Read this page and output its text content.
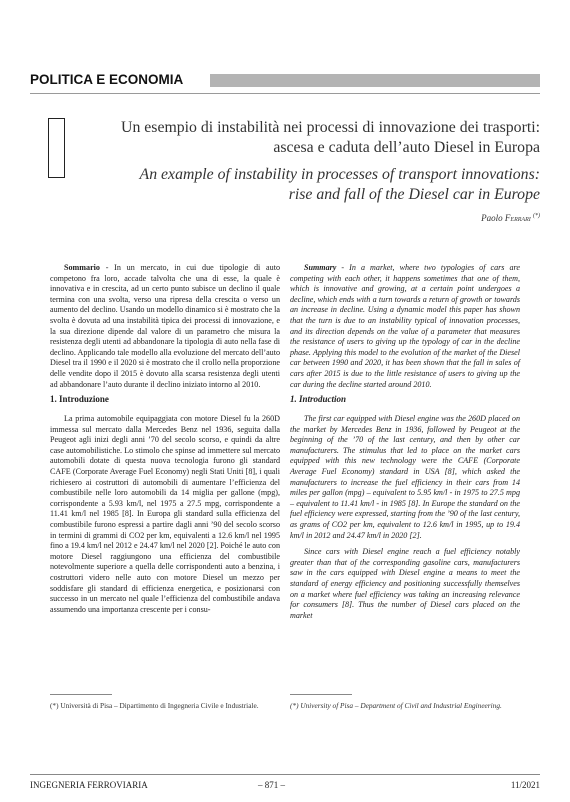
POLITICA E ECONOMIA
Un esempio di instabilità nei processi di innovazione dei trasporti: ascesa e caduta dell’auto Diesel in Europa
An example of instability in processes of transport innovations: rise and fall of the Diesel car in Europe
Paolo Ferrari (*)

Sommario - In un mercato, in cui due tipologie di auto competono fra loro, accade talvolta che una di esse, la quale è innovativa e in crescita, ad un certo punto subisce un declino il quale termina con una svolta, verso una ripresa della crescita o verso un aumento del declino. Usando un modello dinamico si è mostrato che la svolta è dovuta ad una instabilità tipica dei processi di innovazione, e la sua direzione dipende dal valore di un parametro che misura la resistenza degli utenti ad abbandonare la tipologia di auto nella fase di declino. Applicando tale modello alla evoluzione del mercato dell’auto Diesel tra il 1990 e il 2020 si è mostrato che il crollo nella proporzione delle vendite dopo il 2015 è dovuto alla scarsa resistenza degli utenti ad abbandonare l’auto durante il declino iniziato intorno al 2010.

Summary - In a market, where two typologies of cars are competing with each other, it happens sometimes that one of them, which is innovative and growing, at a certain point undergoes a decline, which ends with a turn towards a return of growth or towards an increase in decline. Using a dynamic model this paper has shown that the turn is due to an instability typical of innovation processes, and its direction depends on the value of a parameter that measures the resistance of users to giving up the typology of car in the decline phase. Applying this model to the evolution of the market of the Diesel car between 1990 and 2020, it has been shown that the fall in sales of cars after 2015 is due to the little resistance of users to giving up the car during the decline started around 2010.

1. Introduzione	1. Introduction

La prima automobile equipaggiata con motore Diesel fu la 260D immessa sul mercato dalla Mercedes Benz nel 1936, seguita dalla Peugeot agli inizi degli anni ’70 del secolo scorso, e quindi da altre case automobilistiche. Lo stimolo che spinse ad immettere sul mercato automobili dotate di questa nuova tecnologia furono gli standard CAFE (Corporate Average Fuel Economy) negli Stati Uniti [8], i quali richiesero ai costruttori di automobili di aumentare l’efficienza del combustibile nelle loro automobili da 14 miglia per gallone (mpg), corrispondente a 5.93 km/l, nel 1975 a 27.5 mpg, corrispondente a 11.41 km/l nel 1985 [8]. In Europa gli standard sulla efficienza del combustibile furono espressi a partire dagli anni ’90 del secolo scorso in termini di grammi di CO2 per km, equivalenti a 12.6 km/l nel 1995 fino a 19.4 km/l nel 2012 e 24.47 km/l nel 2020 [2]. Poiché le auto con motore Diesel raggiungono una efficienza del combustibile notevolmente superiore a quella delle corrispondenti auto a benzina, i costruttori videro nelle auto con motore Diesel un mezzo per soddisfare gli standard di efficienza energetica, e posizionarsi con successo in un mercato nel quale l’efficienza del combustibile andava assumendo una importanza crescente per i consu-

The first car equipped with Diesel engine was the 260D placed on the market by Mercedes Benz in 1936, followed by Peugeot at the beginning of the ’70 of the last century, and then by other car manufacturers. The stimulus that led to place on the market cars equipped with this new technology were the CAFE (Corporate Average Fuel Economy) standard in USA [8], which asked the manufacturers to increase the fuel efficiency in their cars from 14 miles per gallon (mpg) – equivalent to 5.95 km/l - in 1975 to 27.5 mpg – equivalent to 11.41 km/l - in 1985 [8]. In Europe the standard on the fuel efficiency were expressed, starting from the ’90 of the last century, as grams of CO2 per km, equivalent to 12.6 km/l in 1995, up to 19.4 km/l in 2012 and 24.47 km/l in 2020 [2].

Since cars with Diesel engine reach a fuel efficiency notably greater than that of the corresponding gasoline cars, manufacturers saw in the cars equipped with Diesel engine a means to meet the standard of energy efficiency and positioning successfully themselves on a market where fuel efficiency was taking an increasing relevance for consumers [8]. Thus the number of Diesel cars placed on the market

(*) Università di Pisa – Dipartimento di Ingegneria Civile e Industriale.	(*) University of Pisa – Department of Civil and Industrial Engineering.
INGEGNERIA FERROVIARIA	– 871 –	11/2021
